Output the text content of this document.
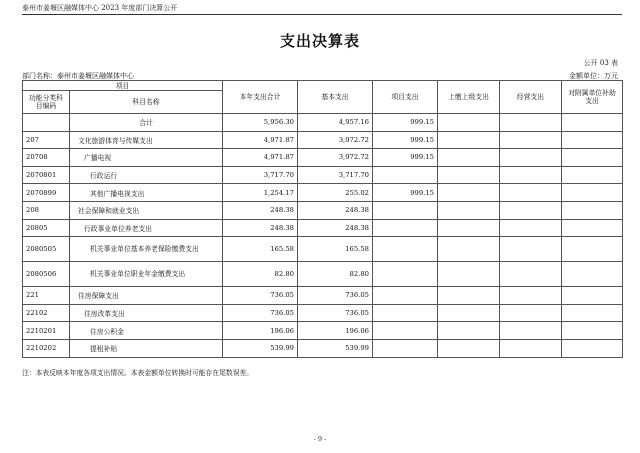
泰州市姜堰区融媒体中心 2023 年度部门决算公开
支出决算表
公开 03 表
部门名称：泰州市姜堰区融媒体中心	金额单位：万元
项目		本年支出合计	基本支出	项目支出	上缴上级支出	经营支出	对附属单位补助支出
功能分类科目编码	科目名称						
	合计	5,956.30	4,957.16	999.15			
207	文化旅游体育与传媒支出	4,971.87	3,972.72	999.15			
20708	广播电视	4,971.87	3,972.72	999.15			
2070801	行政运行	3,717.70	3,717.70				
2070899	其他广播电视支出	1,254.17	255.02	999.15			
208	社会保障和就业支出	248.38	248.38				
20805	行政事业单位养老支出	248.38	248.38				
2080505	机关事业单位基本养老保险缴费支出	165.58	165.58				
2080506	机关事业单位职业年金缴费支出	82.80	82.80				
221	住房保障支出	736.05	736.05				
22102	住房改革支出	736.05	736.05				
2210201	住房公积金	196.06	196.06				
2210202	提租补贴	539.99	539.99				
注：本表反映本年度各项支出情况。本表金额单位转换时可能存在尾数误差。
- 9 -
